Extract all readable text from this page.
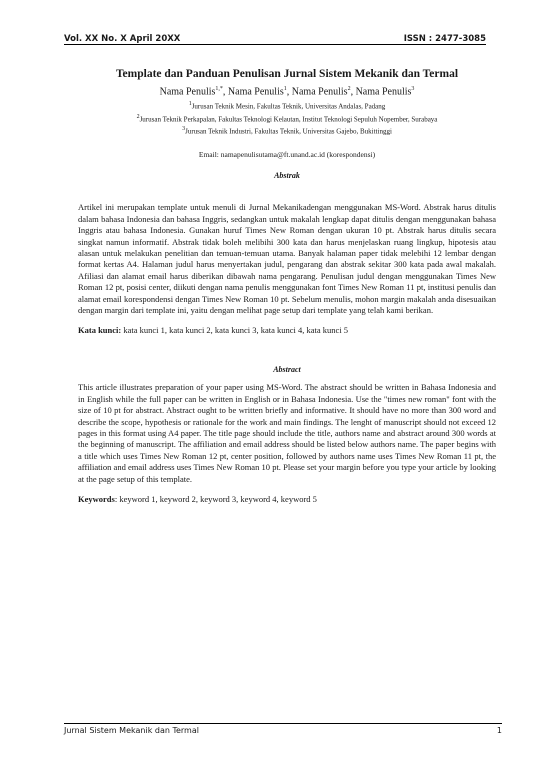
Vol. XX No. X April 20XX	ISSN : 2477-3085
Template dan Panduan Penulisan Jurnal Sistem Mekanik dan Termal
Nama Penulis$^{1,*}$, Nama Penulis$^1$, Nama Penulis$^2$, Nama Penulis$^3$
$^1$Jurusan Teknik Mesin, Fakultas Teknik, Universitas Andalas, Padang
$^2$Jurusan Teknik Perkapalan, Fakultas Teknologi Kelautan, Institut Teknologi Sepuluh Nopember, Surabaya
$^3$Jurusan Teknik Industri, Fakultas Teknik, Universitas Gajebo, Bukittinggi
Email: namapenulisutama@ft.unand.ac.id (korespondensi)
Abstrak

Artikel ini merupakan template untuk menuli di Jurnal Mekanikadengan menggunakan MS-Word. Abstrak harus ditulis dalam bahasa Indonesia dan bahasa Inggris, sedangkan untuk makalah lengkap dapat ditulis dengan menggunakan bahasa Inggris atau bahasa Indonesia. Gunakan huruf Times New Roman dengan ukuran 10 pt. Abstrak harus ditulis secara singkat namun informatif. Abstrak tidak boleh melibihi 300 kata dan harus menjelaskan ruang lingkup, hipotesis atau alasan untuk melakukan penelitian dan temuan-temuan utama. Banyak halaman paper tidak melebihi 12 lembar dengan format kertas A4. Halaman judul harus menyertakan judul, pengarang dan abstrak sekitar 300 kata pada awal makalah. Afiliasi dan alamat email harus diberikan dibawah nama pengarang. Penulisan judul dengan menggunakan Times New Roman 12 pt, posisi center, diikuti dengan nama penulis menggunakan font Times New Roman 11 pt, institusi penulis dan alamat email korespondensi dengan Times New Roman 10 pt. Sebelum menulis, mohon margin makalah anda disesuaikan dengan margin dari template ini, yaitu dengan melihat page setup dari template yang telah kami berikan.

Kata kunci: kata kunci 1, kata kunci 2, kata kunci 3, kata kunci 4, kata kunci 5
Abstract

This article illustrates preparation of your paper using MS-Word. The abstract should be written in Bahasa Indonesia and in English while the full paper can be written in English or in Bahasa Indonesia. Use the "times new roman" font with the size of 10 pt for abstract. Abstract ought to be written briefly and informative. It should have no more than 300 word and describe the scope, hypothesis or rationale for the work and main findings. The lenght of manuscript should not exceed 12 pages in this format using A4 paper. The title page should include the title, authors name and abstract around 300 words at the beginning of manuscript. The affiliation and email address should be listed below authors name. The paper begins with a title which uses Times New Roman 12 pt, center position, followed by authors name uses Times New Roman 11 pt, the affiliation and email address uses Times New Roman 10 pt. Please set your margin before you type your article by looking at the page setup of this template.

Keywords: keyword 1, keyword 2, keyword 3, keyword 4, keyword 5
Jurnal Sistem Mekanik dan Termal	1
